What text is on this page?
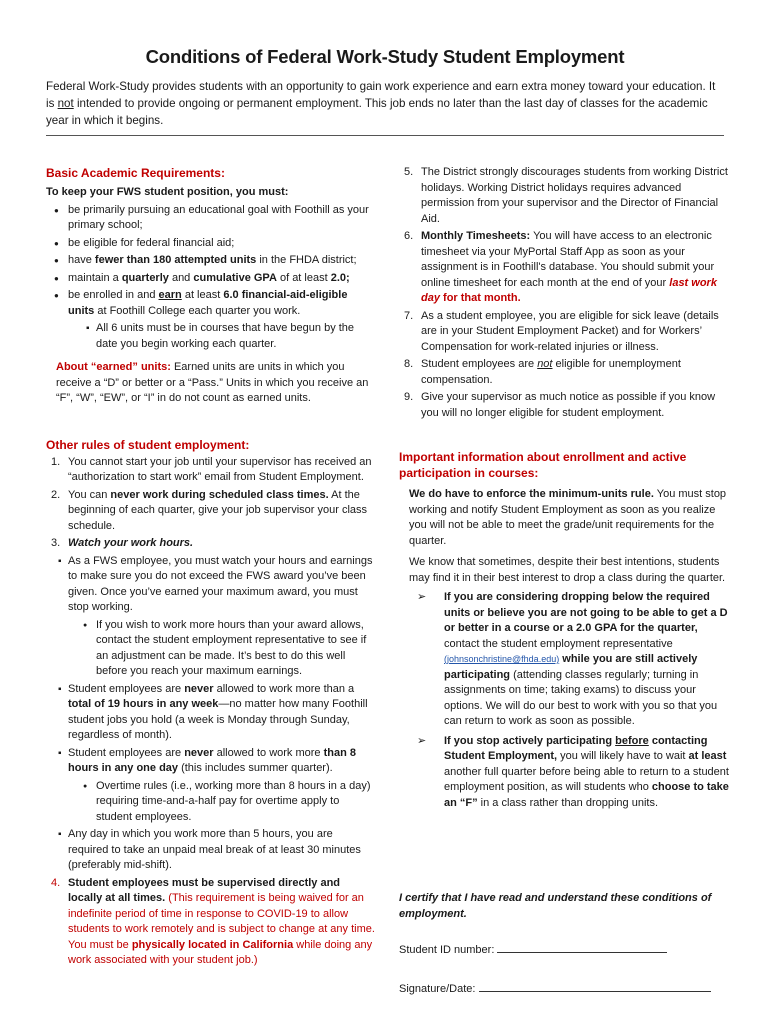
Conditions of Federal Work-Study Student Employment
Federal Work-Study provides students with an opportunity to gain work experience and earn extra money toward your education. It is not intended to provide ongoing or permanent employment. This job ends no later than the last day of classes for the academic year in which it begins.
Basic Academic Requirements:
To keep your FWS student position, you must:
● be primarily pursuing an educational goal with Foothill as your primary school;
● be eligible for federal financial aid;
● have fewer than 180 attempted units in the FHDA district;
● maintain a quarterly and cumulative GPA of at least 2.0;
● be enrolled in and earn at least 6.0 financial-aid-eligible units at Foothill College each quarter you work.
▪ All 6 units must be in courses that have begun by the date you begin working each quarter.
About “earned” units: Earned units are units in which you receive a “D” or better or a “Pass.” Units in which you receive an “F”, “W”, “EW”, or “I” in do not count as earned units.
Other rules of student employment:
1. You cannot start your job until your supervisor has received an “authorization to start work” email from Student Employment.
2. You can never work during scheduled class times. At the beginning of each quarter, give your job supervisor your class schedule.
3. Watch your work hours.
▪ As a FWS employee, you must watch your hours and earnings to make sure you do not exceed the FWS award you’ve been given. Once you’ve earned your maximum award, you must stop working.
● If you wish to work more hours than your award allows, contact the student employment representative to see if an adjustment can be made. It’s best to do this well before you reach your maximum earnings.
▪ Student employees are never allowed to work more than a total of 19 hours in any week—no matter how many Foothill student jobs you hold (a week is Monday through Sunday, regardless of month).
▪ Student employees are never allowed to work more than 8 hours in any one day (this includes summer quarter).
● Overtime rules (i.e., working more than 8 hours in a day) requiring time-and-a-half pay for overtime apply to student employees.
▪ Any day in which you work more than 5 hours, you are required to take an unpaid meal break of at least 30 minutes (preferably mid-shift).
4. Student employees must be supervised directly and locally at all times. (This requirement is being waived for an indefinite period of time in response to COVID-19 to allow students to work remotely and is subject to change at any time. You must be physically located in California while doing any work associated with your student job.)
5. The District strongly discourages students from working District holidays. Working District holidays requires advanced permission from your supervisor and the Director of Financial Aid.
6. Monthly Timesheets: You will have access to an electronic timesheet via your MyPortal Staff App as soon as your assignment is in Foothill's database. You should submit your online timesheet for each month at the end of your last work day for that month.
7. As a student employee, you are eligible for sick leave (details are in your Student Employment Packet) and for Workers’ Compensation for work-related injuries or illness.
8. Student employees are not eligible for unemployment compensation.
9. Give your supervisor as much notice as possible if you know you will no longer eligible for student employment.
Important information about enrollment and active participation in courses:
We do have to enforce the minimum-units rule. You must stop working and notify Student Employment as soon as you realize you will not be able to meet the grade/unit requirements for the quarter.
We know that sometimes, despite their best intentions, students may find it in their best interest to drop a class during the quarter.
➢ If you are considering dropping below the required units or believe you are not going to be able to get a D or better in a course or a 2.0 GPA for the quarter, contact the student employment representative (johnsonchristine@fhda.edu) while you are still actively participating (attending classes regularly; turning in assignments on time; taking exams) to discuss your options. We will do our best to work with you so that you can return to work as soon as possible.
➢ If you stop actively participating before contacting Student Employment, you will likely have to wait at least another full quarter before being able to return to a student employment position, as will students who choose to take an “F” in a class rather than dropping units.
I certify that I have read and understand these conditions of employment.
Student ID number:
Signature/Date:
